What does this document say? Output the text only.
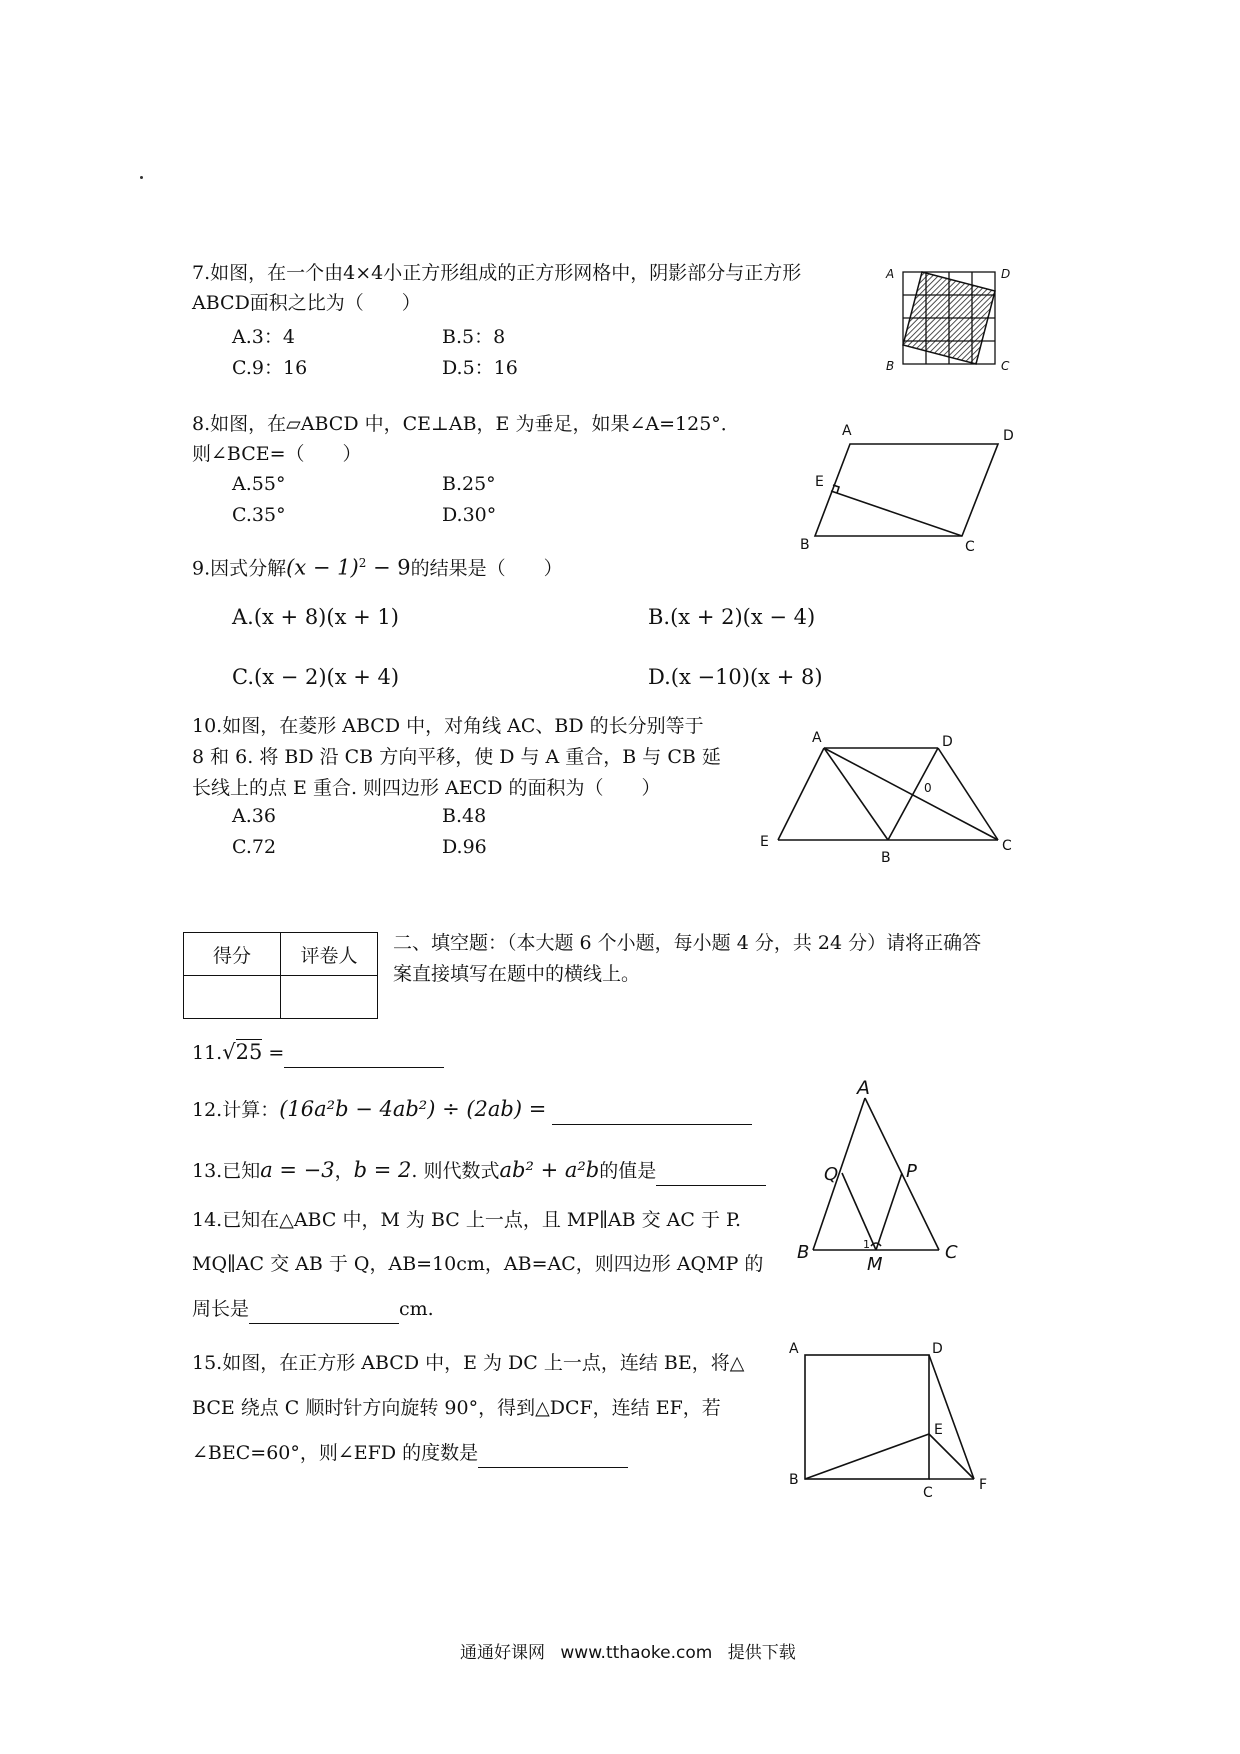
7.如图，在一个由4×4小正方形组成的正方形网格中，阴影部分与正方形
ABCD面积之比为（　　）
A.3：4	B.5：8
C.9：16	D.5：16
A	D
B	C
8.如图，在▱ABCD 中，CE⊥AB，E 为垂足，如果∠A=125°．
则∠BCE=（　　）
A.55°	B.25°
C.35°	D.30°
A	D
E
B	C
9.因式分解$(x - 1)^2 - 9$的结果是（　　）
A.(x + 8)(x + 1)	B.(x + 2)(x − 4)
C.(x − 2)(x + 4)	D.(x −10)(x + 8)
10.如图，在菱形 ABCD 中，对角线 AC、BD 的长分别等于
8 和 6. 将 BD 沿 CB 方向平移，使 D 与 A 重合，B 与 CB 延
长线上的点 E 重合. 则四边形 AECD 的面积为（　　）
A.36	B.48
C.72	D.96
A	D
0
E
B
C
得分	评卷人

二、填空题：（本大题 6 个小题，每小题 4 分，共 24 分）请将正确答
案直接填写在题中的横线上。
11.√25 =
12.计算：(16a²b − 4ab²) ÷ (2ab) =
13.已知a = −3，b = 2. 则代数式ab² + a²b的值是
14.已知在△ABC 中，M 为 BC 上一点，且 MP∥AB 交 AC 于 P.
MQ∥AC 交 AB 于 Q，AB=10cm，AB=AC，则四边形 AQMP 的
周长是	cm.
A
Q	P
B	1
M
C
15.如图，在正方形 ABCD 中，E 为 DC 上一点，连结 BE，将△
BCE 绕点 C 顺时针方向旋转 90°，得到△DCF，连结 EF，若
∠BEC=60°，则∠EFD 的度数是
A	D
E
B
C	F
通通好课网 www.tthaoke.com 提供下载
